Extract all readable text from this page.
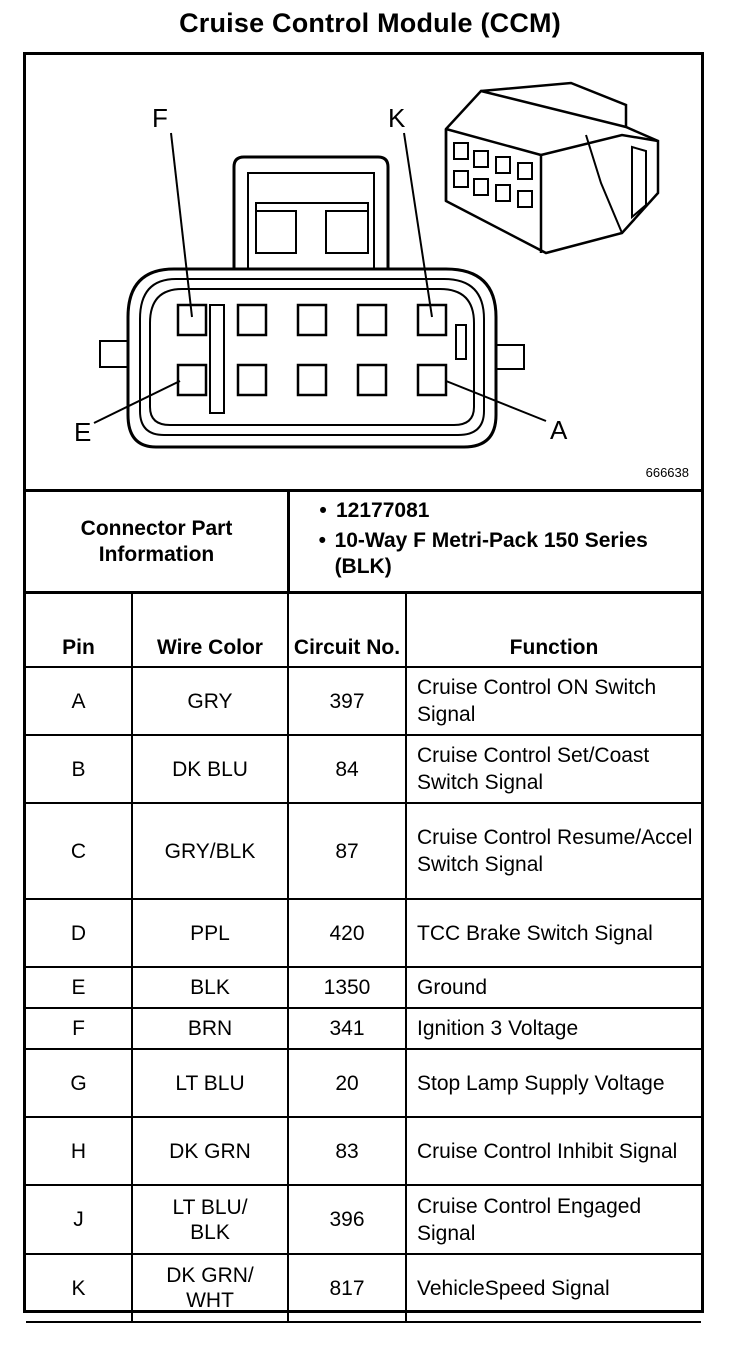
Cruise Control Module (CCM)
F	K
E	A
666638
Connector Part Information
• 12177081
• 10-Way F Metri-Pack 150 Series (BLK)
Pin	Wire Color	Circuit No.	Function
A	GRY	397	Cruise Control ON Switch Signal
B	DK BLU	84	Cruise Control Set/Coast Switch Signal
C	GRY/BLK	87	Cruise Control Resume/Accel Switch Signal
D	PPL	420	TCC Brake Switch Signal
E	BLK	1350	Ground
F	BRN	341	Ignition 3 Voltage
G	LT BLU	20	Stop Lamp Supply Voltage
H	DK GRN	83	Cruise Control Inhibit Signal
J	LT BLU/ BLK	396	Cruise Control Engaged Signal
K	DK GRN/ WHT	817	VehicleSpeed Signal
